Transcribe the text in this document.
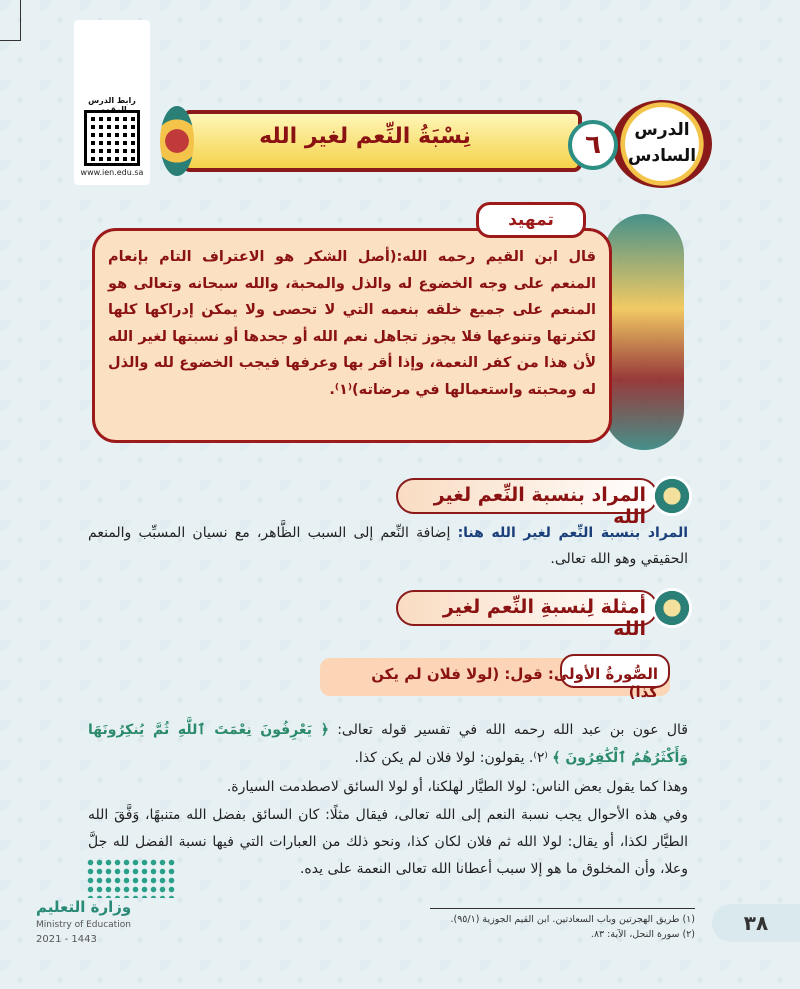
رابط الدرس
www.ien.edu.sa
نِسْبَةُ النِّعم لغير الله	الدرس
السادس
٦
تمهيد
قال ابن القيم رحمه الله:(أصل الشكر هو الاعتراف التام بإنعام المنعم على وجه الخضوع له والذل والمحبة، والله سبحانه وتعالى هو المنعم على جميع خلقه بنعمه التي لا تحصى ولا يمكن إدراكها كلها لكثرتها وتنوعها فلا يجوز تجاهل نعم الله أو جحدها أو نسبتها لغير الله لأن هذا من كفر النعمة، وإذا أقر بها وعرفها فيجب الخضوع لله والذل له ومحبته واستعمالها في مرضاته)⁽١⁾.
المراد بنسبة النِّعم لغير الله
المراد بنسبة النِّعم لغير الله هنا: إضافة النِّعم إلى السبب الظَّاهر، مع نسيان المسبِّب والمنعم الحقيقي وهو الله تعالى.
أمثلة لِنسبةِ النِّعم لغير الله
الصُّورةُ الأولى: قول: (لولا فلان لم يكن كذا)
قال عون بن عبد الله رحمه الله في تفسير قوله تعالى: ﴿ يَعْرِفُونَ نِعْمَتَ ٱللَّهِ ثُمَّ يُنكِرُونَهَا وَأَكْثَرُهُمُ ٱلْكَٰفِرُونَ ﴾ ⁽٢⁾. يقولون: لولا فلان لم يكن كذا.
وهذا كما يقول بعض الناس: لولا الطيَّار لهلكنا، أو لولا السائق لاصطدمت السيارة.
وفي هذه الأحوال يجب نسبة النعم إلى الله تعالى، فيقال مثلًا: كان السائق بفضل الله متنبهًا، وَفَّقَ الله الطيَّار لكذا، أو يقال: لولا الله ثم فلان لكان كذا، ونحو ذلك من العبارات التي فيها نسبة الفضل لله جلَّ وعلا، وأن المخلوق ما هو إلا سبب أعطانا الله تعالى النعمة على يده.
(١) طريق الهجرتين وباب السعادتين. ابن القيم الجوزية (٩٥/١).
(٢) سورة النحل، الآية: ٨٣.	٣٨
وزارة التعليم
Ministry of Education
2021 - 1443
